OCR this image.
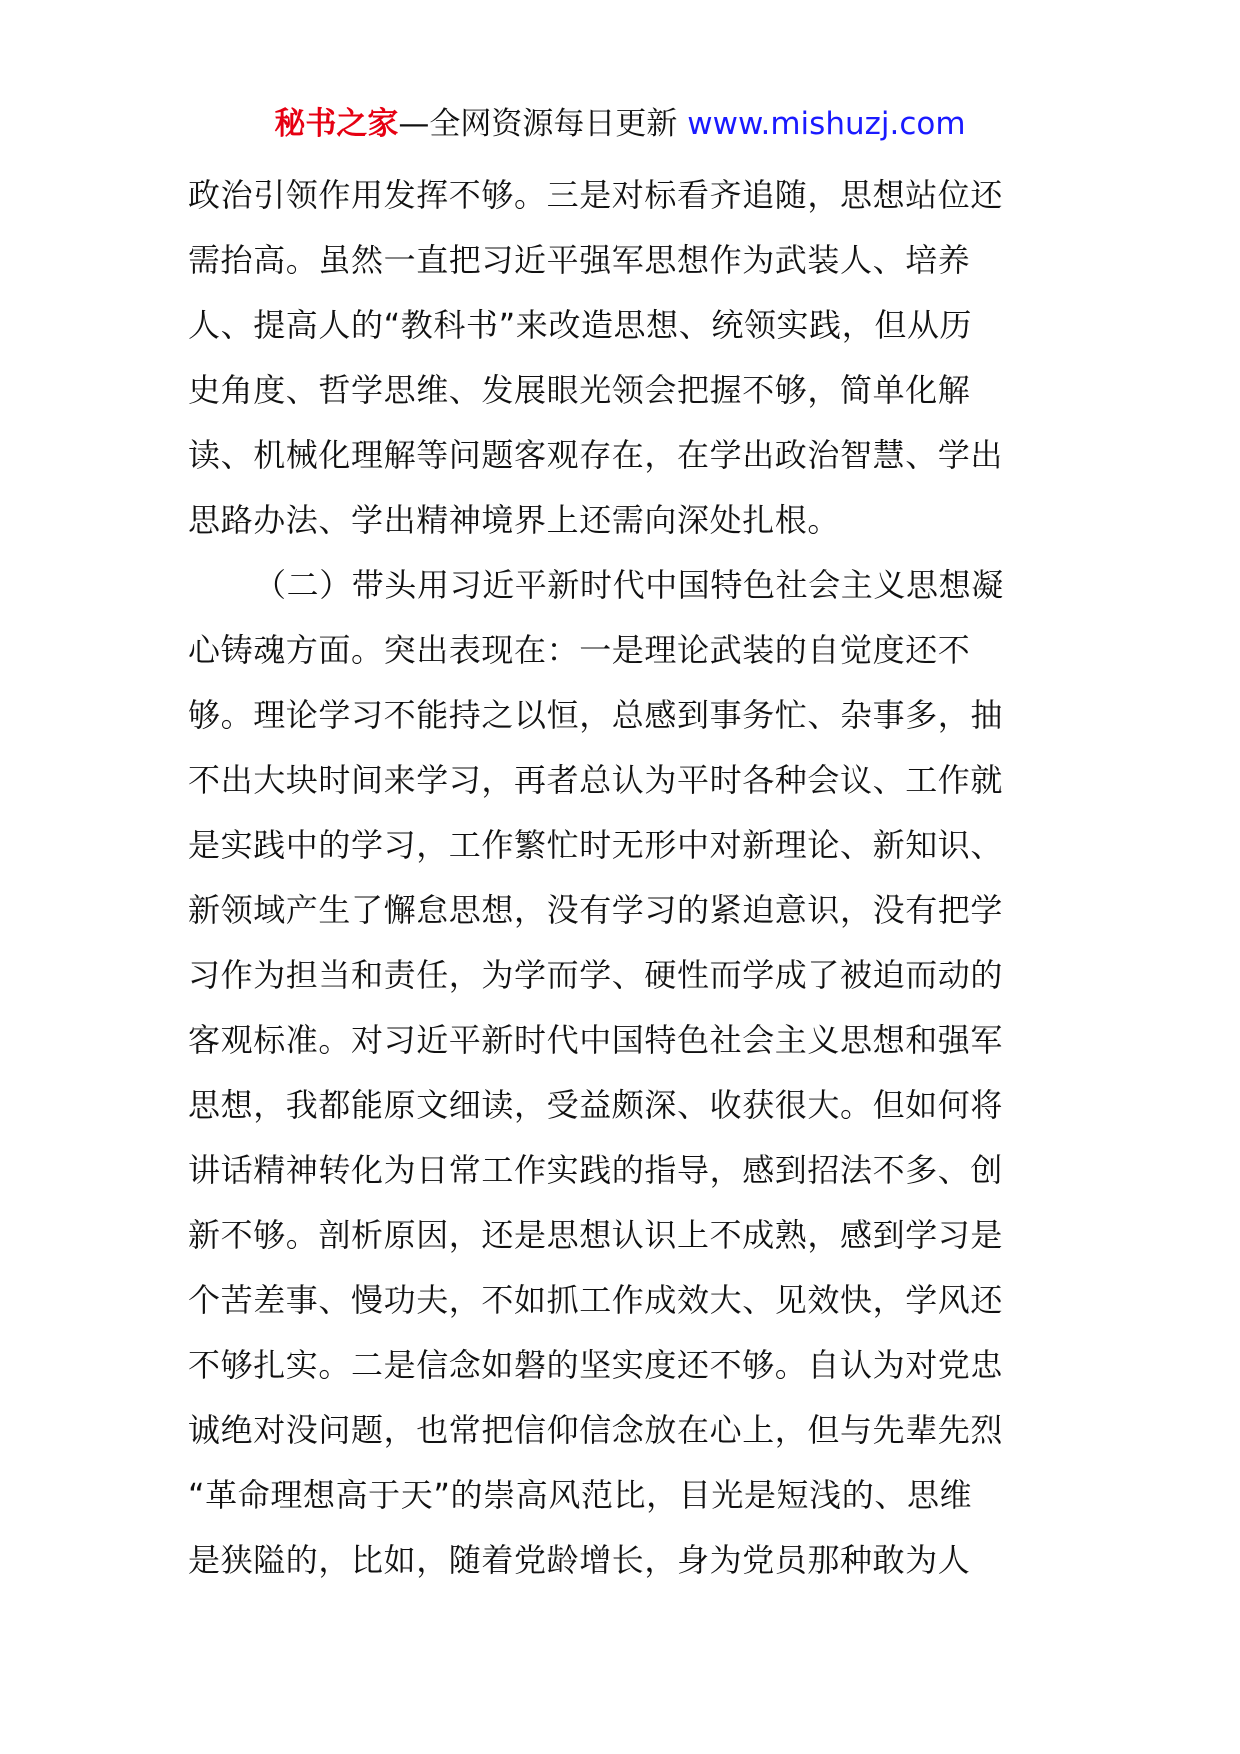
秘书之家—全网资源每日更新 www.mishuzj.com
政治引领作用发挥不够。三是对标看齐追随，思想站位还
需抬高。虽然一直把习近平强军思想作为武装人、培养
人、提高人的“教科书”来改造思想、统领实践，但从历
史角度、哲学思维、发展眼光领会把握不够，简单化解
读、机械化理解等问题客观存在，在学出政治智慧、学出
思路办法、学出精神境界上还需向深处扎根。
（二）带头用习近平新时代中国特色社会主义思想凝
心铸魂方面。突出表现在：一是理论武装的自觉度还不
够。理论学习不能持之以恒，总感到事务忙、杂事多，抽
不出大块时间来学习，再者总认为平时各种会议、工作就
是实践中的学习，工作繁忙时无形中对新理论、新知识、
新领域产生了懈怠思想，没有学习的紧迫意识，没有把学
习作为担当和责任，为学而学、硬性而学成了被迫而动的
客观标准。对习近平新时代中国特色社会主义思想和强军
思想，我都能原文细读，受益颇深、收获很大。但如何将
讲话精神转化为日常工作实践的指导，感到招法不多、创
新不够。剖析原因，还是思想认识上不成熟，感到学习是
个苦差事、慢功夫，不如抓工作成效大、见效快，学风还
不够扎实。二是信念如磐的坚实度还不够。自认为对党忠
诚绝对没问题，也常把信仰信念放在心上，但与先辈先烈
“革命理想高于天”的崇高风范比，目光是短浅的、思维
是狭隘的，比如，随着党龄增长，身为党员那种敢为人
